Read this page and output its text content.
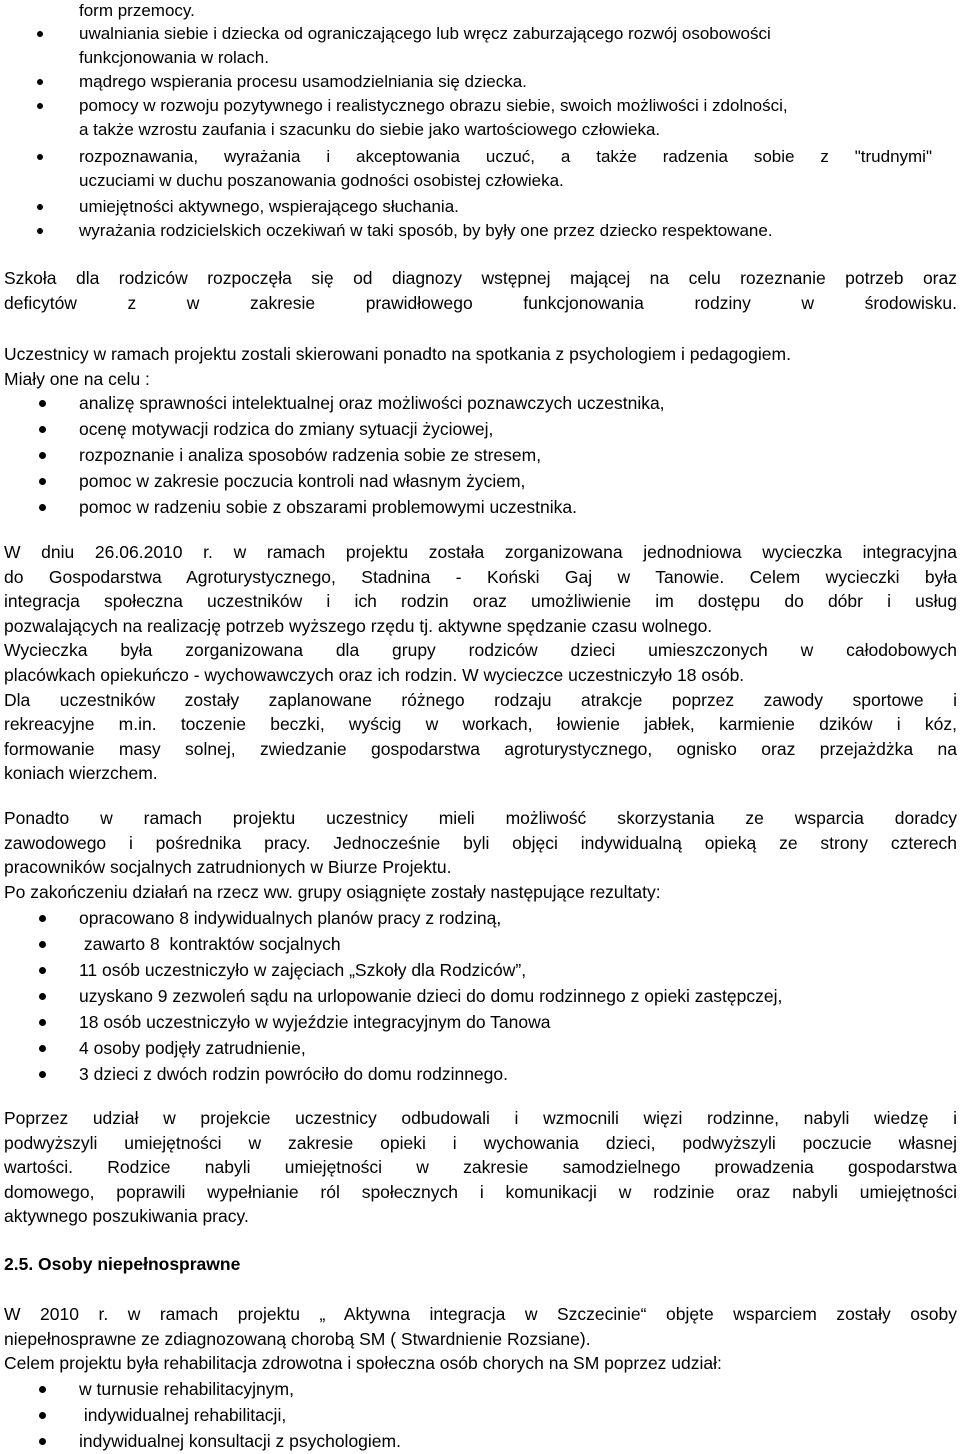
form przemocy.
uwalniania siebie i dziecka od ograniczającego lub wręcz zaburzającego rozwój osobowości
funkcjonowania w rolach.
mądrego wspierania procesu usamodzielniania się dziecka.
pomocy w rozwoju pozytywnego i realistycznego obrazu siebie, swoich możliwości i zdolności,
a także wzrostu zaufania i szacunku do siebie jako wartościowego człowieka.
rozpoznawania, wyrażania i akceptowania uczuć, a także radzenia sobie z "trudnymi"
uczuciami w duchu poszanowania godności osobistej człowieka.
umiejętności aktywnego, wspierającego słuchania.
wyrażania rodzicielskich oczekiwań w taki sposób, by były one przez dziecko respektowane.
Szkoła dla rodziców rozpoczęła się od diagnozy wstępnej mającej na celu rozeznanie potrzeb oraz
deficytów z w zakresie prawidłowego funkcjonowania rodziny w środowisku.
Uczestnicy w ramach projektu zostali skierowani ponadto na spotkania z psychologiem i pedagogiem.
Miały one na celu :
analizę sprawności intelektualnej oraz możliwości poznawczych uczestnika,
ocenę motywacji rodzica do zmiany sytuacji życiowej,
rozpoznanie i analiza sposobów radzenia sobie ze stresem,
pomoc w zakresie poczucia kontroli nad własnym życiem,
pomoc w radzeniu sobie z obszarami problemowymi uczestnika.
W dniu 26.06.2010 r. w ramach projektu została zorganizowana jednodniowa wycieczka integracyjna
do Gospodarstwa Agroturystycznego, Stadnina - Koński Gaj w Tanowie. Celem wycieczki była
integracja społeczna uczestników i ich rodzin oraz umożliwienie im dostępu do dóbr i usług
pozwalających na realizację potrzeb wyższego rzędu tj. aktywne spędzanie czasu wolnego.
Wycieczka była zorganizowana dla grupy rodziców dzieci umieszczonych w całodobowych
placówkach opiekuńczo - wychowawczych oraz ich rodzin. W wycieczce uczestniczyło 18 osób.
Dla uczestników zostały zaplanowane różnego rodzaju atrakcje poprzez zawody sportowe i
rekreacyjne m.in. toczenie beczki, wyścig w workach, łowienie jabłek, karmienie dzików i kóz,
formowanie masy solnej, zwiedzanie gospodarstwa agroturystycznego, ognisko oraz przejażdżka na
koniach wierzchem.
Ponadto w ramach projektu uczestnicy mieli możliwość skorzystania ze wsparcia doradcy
zawodowego i pośrednika pracy. Jednocześnie byli objęci indywidualną opieką ze strony czterech
pracowników socjalnych zatrudnionych w Biurze Projektu.
Po zakończeniu działań na rzecz ww. grupy osiągnięte zostały następujące rezultaty:
opracowano 8 indywidualnych planów pracy z rodziną,
zawarto 8  kontraktów socjalnych
11 osób uczestniczyło w zajęciach „Szkoły dla Rodziców”,
uzyskano 9 zezwoleń sądu na urlopowanie dzieci do domu rodzinnego z opieki zastępczej,
18 osób uczestniczyło w wyjeździe integracyjnym do Tanowa
4 osoby podjęły zatrudnienie,
3 dzieci z dwóch rodzin powróciło do domu rodzinnego.
Poprzez udział w projekcie uczestnicy odbudowali i wzmocnili więzi rodzinne, nabyli wiedzę i
podwyższyli umiejętności w zakresie opieki i wychowania dzieci, podwyższyli poczucie własnej
wartości. Rodzice nabyli umiejętności w zakresie samodzielnego prowadzenia gospodarstwa
domowego, poprawili wypełnianie ról społecznych i komunikacji w rodzinie oraz nabyli umiejętności
aktywnego poszukiwania pracy.
2.5. Osoby niepełnosprawne
W 2010 r. w ramach projektu „ Aktywna integracja w Szczecinie“ objęte wsparciem zostały osoby
niepełnosprawne ze zdiagnozowaną chorobą SM ( Stwardnienie Rozsiane).
Celem projektu była rehabilitacja zdrowotna i społeczna osób chorych na SM poprzez udział:
w turnusie rehabilitacyjnym,
indywidualnej rehabilitacji,
indywidualnej konsultacji z psychologiem.
